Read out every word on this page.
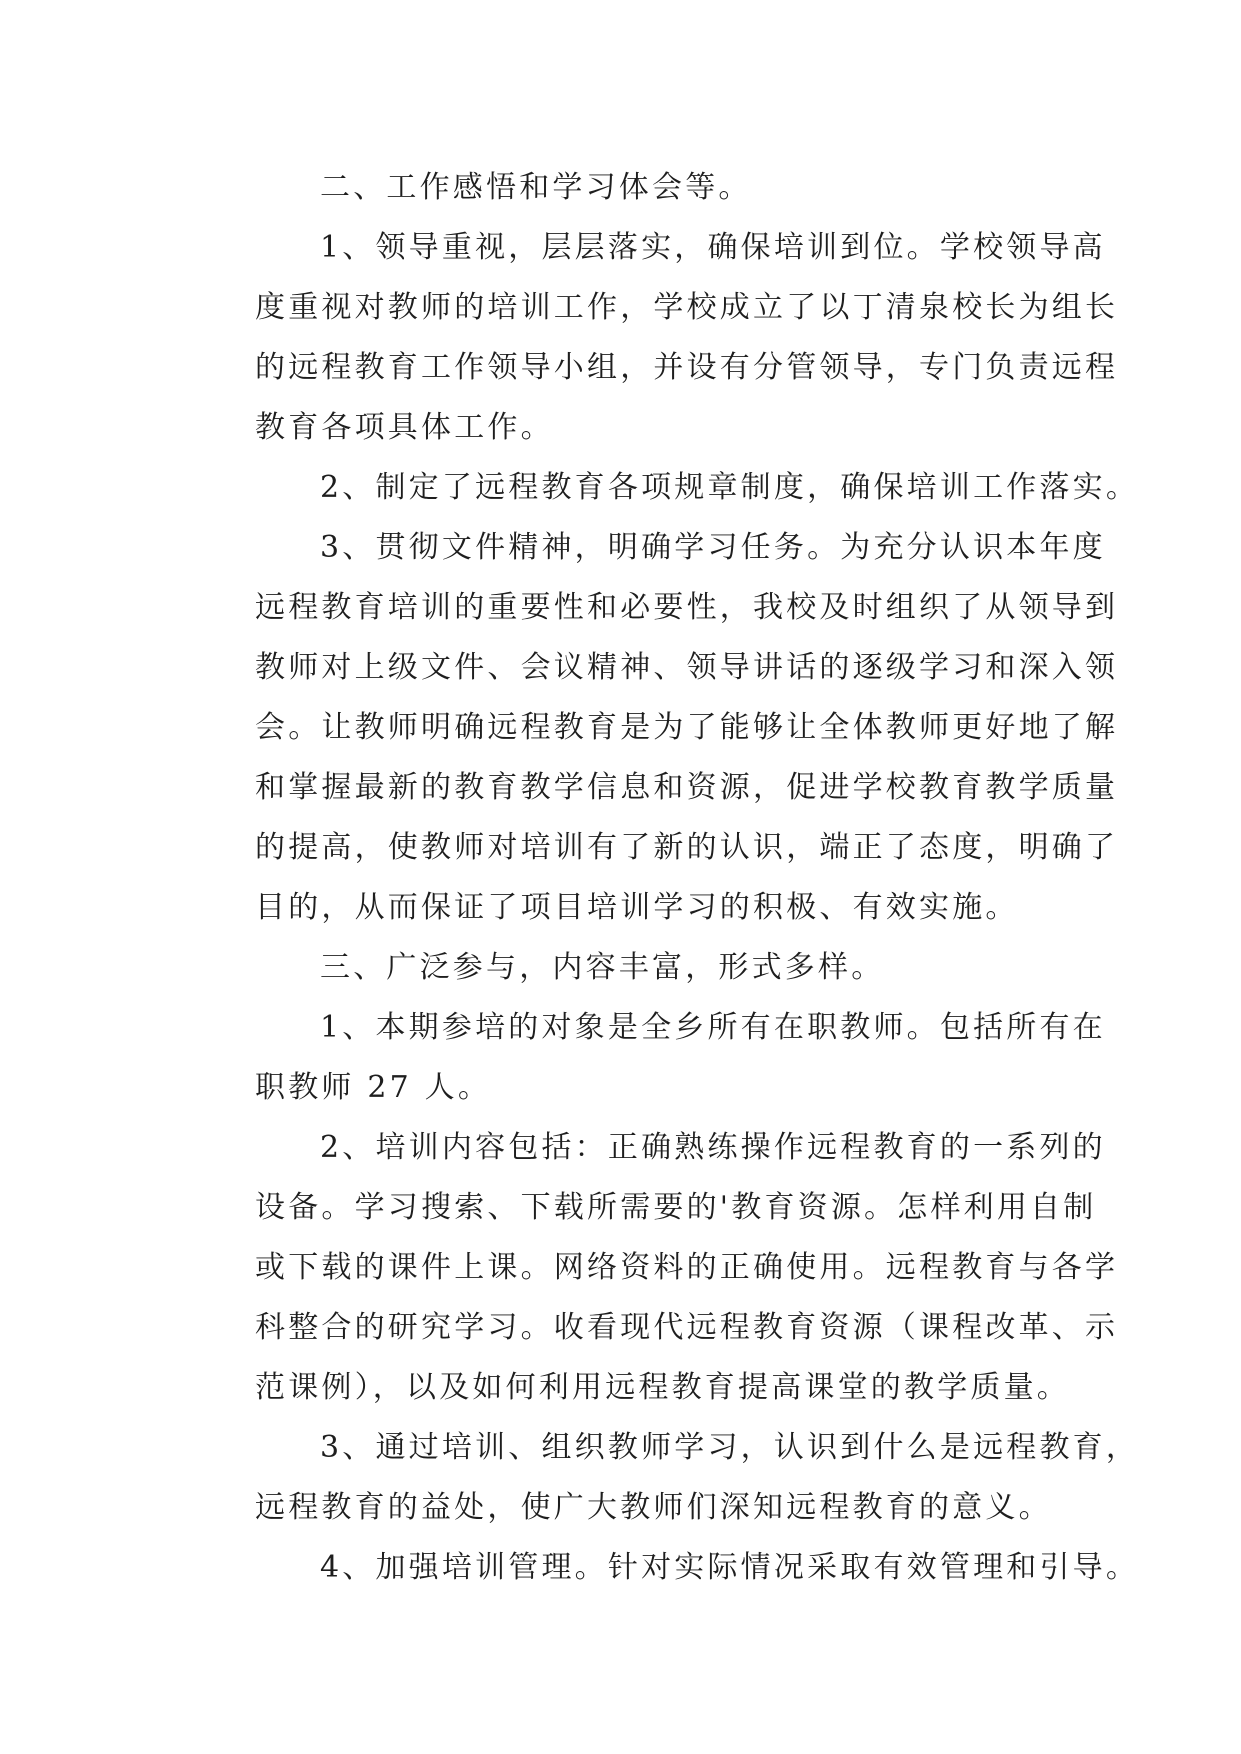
二、工作感悟和学习体会等。
1、领导重视，层层落实，确保培训到位。学校领导高
度重视对教师的培训工作，学校成立了以丁清泉校长为组长
的远程教育工作领导小组，并设有分管领导，专门负责远程
教育各项具体工作。
2、制定了远程教育各项规章制度，确保培训工作落实。
3、贯彻文件精神，明确学习任务。为充分认识本年度
远程教育培训的重要性和必要性，我校及时组织了从领导到
教师对上级文件、会议精神、领导讲话的逐级学习和深入领
会。让教师明确远程教育是为了能够让全体教师更好地了解
和掌握最新的教育教学信息和资源，促进学校教育教学质量
的提高，使教师对培训有了新的认识，端正了态度，明确了
目的，从而保证了项目培训学习的积极、有效实施。
三、广泛参与，内容丰富，形式多样。
1、本期参培的对象是全乡所有在职教师。包括所有在
职教师 27 人。
2、培训内容包括：正确熟练操作远程教育的一系列的
设备。学习搜索、下载所需要的'教育资源。怎样利用自制
或下载的课件上课。网络资料的正确使用。远程教育与各学
科整合的研究学习。收看现代远程教育资源（课程改革、示
范课例），以及如何利用远程教育提高课堂的教学质量。
3、通过培训、组织教师学习，认识到什么是远程教育，
远程教育的益处，使广大教师们深知远程教育的意义。
4、加强培训管理。针对实际情况采取有效管理和引导。
